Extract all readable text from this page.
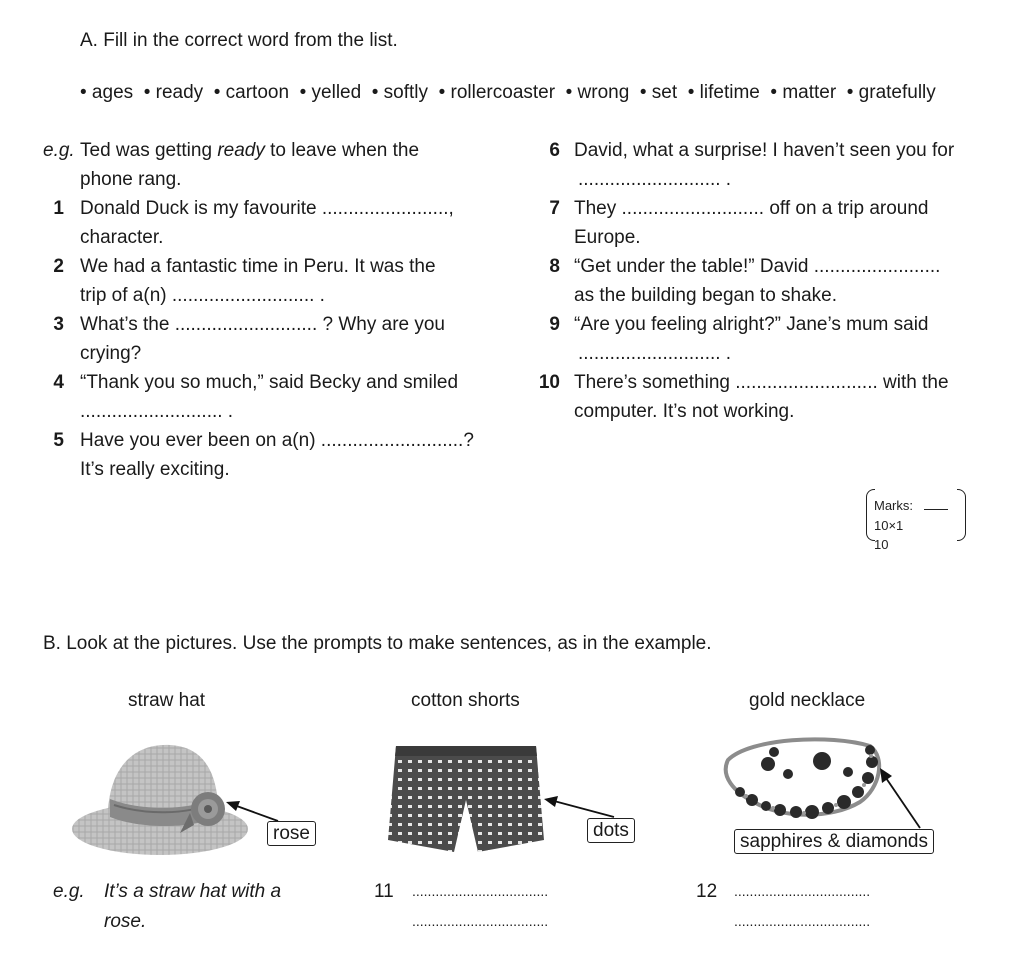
A. Fill in the correct word from the list.
• ages • ready • cartoon • yelled • softly • rollercoaster • wrong • set • lifetime • matter • gratefully
e.g. Ted was getting ready to leave when the
phone rang.
1 Donald Duck is my favourite ........................,
character.
2 We had a fantastic time in Peru. It was the
trip of a(n) ........................... .
3 What’s the ........................... ? Why are you
crying?
4 “Thank you so much,” said Becky and smiled
........................... .
5 Have you ever been on a(n) ...........................?
It’s really exciting.
6 David, what a surprise! I haven’t seen you for
........................... .
7 They ........................... off on a trip around
Europe.
8 “Get under the table!” David ........................
as the building began to shake.
9 “Are you feeling alright?” Jane’s mum said
........................... .
10 There’s something ........................... with the
computer. It’s not working.
Marks:
10×1
10
B. Look at the pictures. Use the prompts to make sentences, as in the example.
straw hat	cotton shorts	gold necklace
rose	dots
sapphires & diamonds
e.g. It’s a straw hat with a
rose.
11 ...................................
...................................
12 ...................................
...................................
